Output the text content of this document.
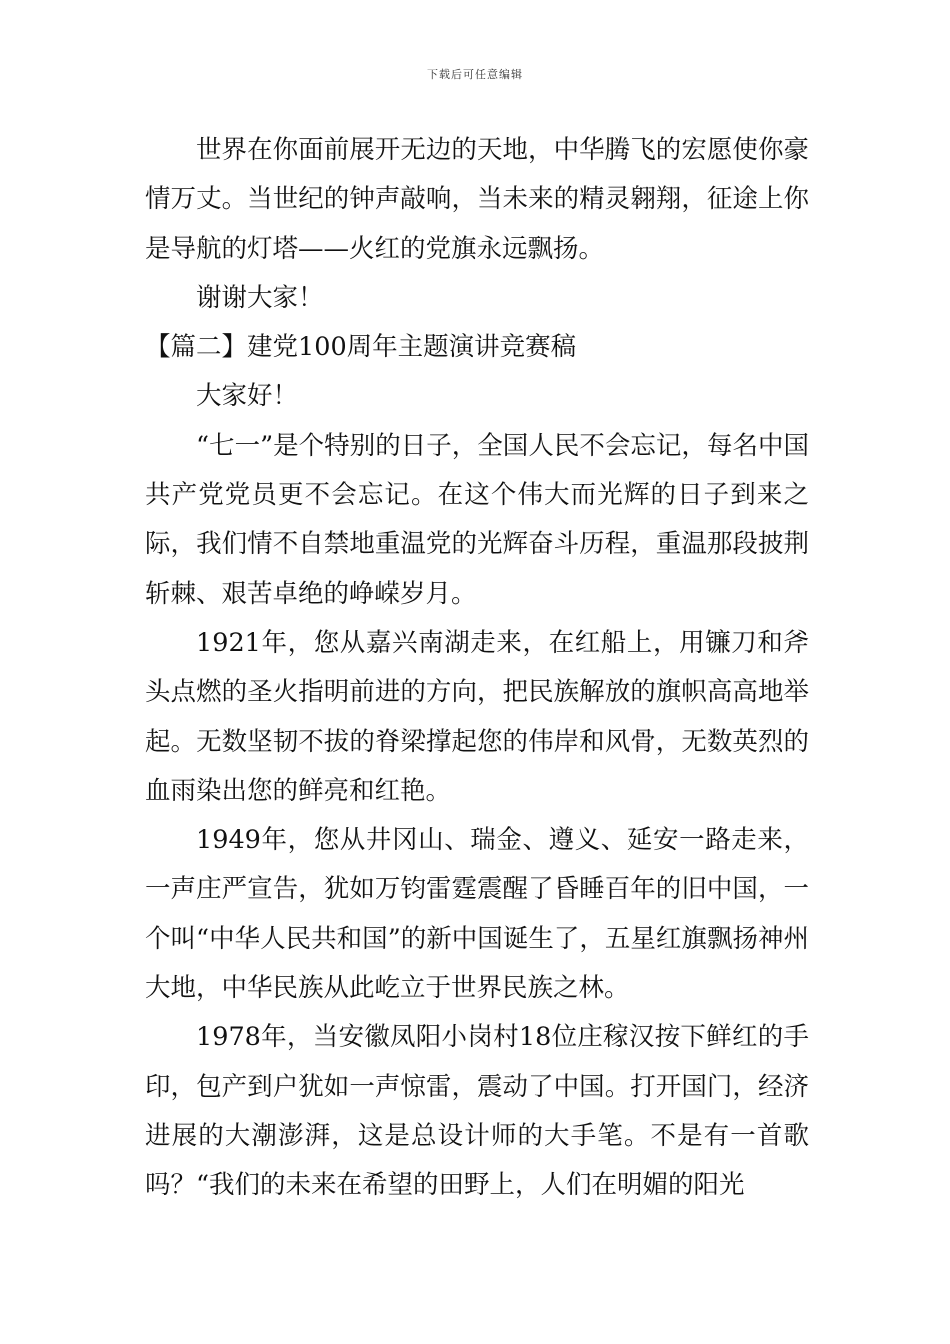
下载后可任意编辑

世界在你面前展开无边的天地，中华腾飞的宏愿使你豪情万丈。当世纪的钟声敲响，当未来的精灵翱翔，征途上你是导航的灯塔——火红的党旗永远飘扬。

谢谢大家！

【篇二】建党100周年主题演讲竞赛稿

大家好！

“七一”是个特别的日子，全国人民不会忘记，每名中国共产党党员更不会忘记。在这个伟大而光辉的日子到来之际，我们情不自禁地重温党的光辉奋斗历程，重温那段披荆斩棘、艰苦卓绝的峥嵘岁月。

1921年，您从嘉兴南湖走来，在红船上，用镰刀和斧头点燃的圣火指明前进的方向，把民族解放的旗帜高高地举起。无数坚韧不拔的脊梁撑起您的伟岸和风骨，无数英烈的血雨染出您的鲜亮和红艳。

1949年，您从井冈山、瑞金、遵义、延安一路走来，一声庄严宣告，犹如万钧雷霆震醒了昏睡百年的旧中国，一个叫“中华人民共和国”的新中国诞生了，五星红旗飘扬神州大地，中华民族从此屹立于世界民族之林。

1978年，当安徽凤阳小岗村18位庄稼汉按下鲜红的手印，包产到户犹如一声惊雷，震动了中国。打开国门，经济进展的大潮澎湃，这是总设计师的大手笔。不是有一首歌吗？“我们的未来在希望的田野上，人们在明媚的阳光
